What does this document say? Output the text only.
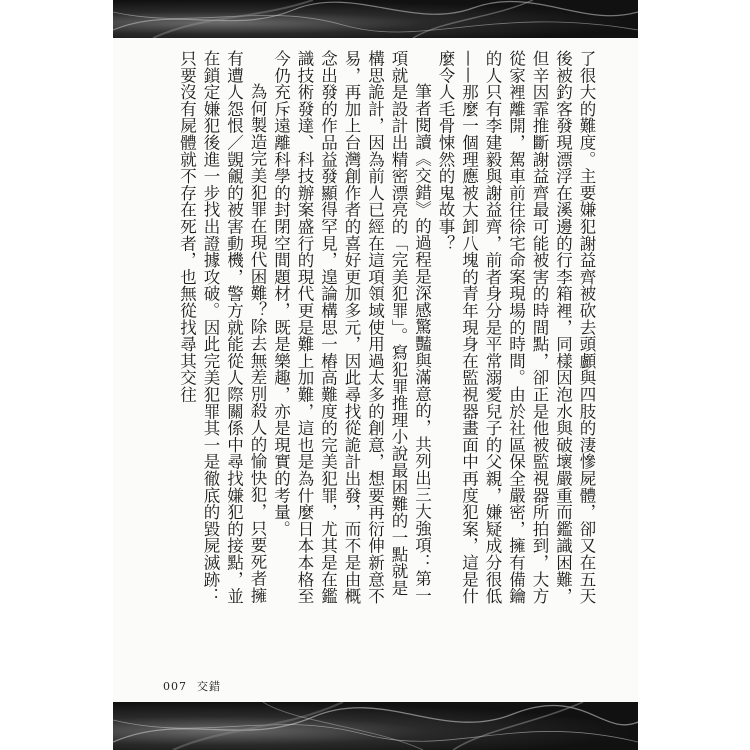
了很大的難度。主要嫌犯謝益齊被砍去頭顱與四肢的淒慘屍體，卻又在五天後被釣客發現漂浮在溪邊的行李箱裡，同樣因泡水與破壞嚴重而鑑識困難，但辛因霏推斷謝益齊最可能被害的時間點，卻正是他被監視器所拍到，大方從家裡離開，駕車前往徐宅命案現場的時間。由於社區保全嚴密，擁有備鑰的人只有李建毅與謝益齊，前者身分是平常溺愛兒子的父親，嫌疑成分很低——那麼一個理應被大卸八塊的青年現身在監視器畫面中再度犯案，這是什麼令人毛骨悚然的鬼故事？

筆者閱讀《交錯》的過程是深感驚豔與滿意的，共列出三大強項：第一項就是設計出精密漂亮的「完美犯罪」。寫犯罪推理小說最困難的一點就是構思詭計，因為前人已經在這項領域使用過太多的創意，想要再衍伸新意不易，再加上台灣創作者的喜好更加多元，因此尋找從詭計出發，而不是由概念出發的作品益發顯得罕見，遑論構思一樁高難度的完美犯罪，尤其是在鑑識技術發達、科技辦案盛行的現代更是難上加難，這也是為什麼日本本格至今仍充斥遠離科學的封閉空間題材，既是樂趣，亦是現實的考量。

為何製造完美犯罪在現代困難？除去無差別殺人的愉快犯，只要死者擁有遭人怨恨／覬覦的被害動機，警方就能從人際關係中尋找嫌犯的接點，並在鎖定嫌犯後進一步找出證據攻破。因此完美犯罪其一是徹底的毀屍滅跡：只要沒有屍體就不存在死者，也無從找尋其交往

007 交錯
